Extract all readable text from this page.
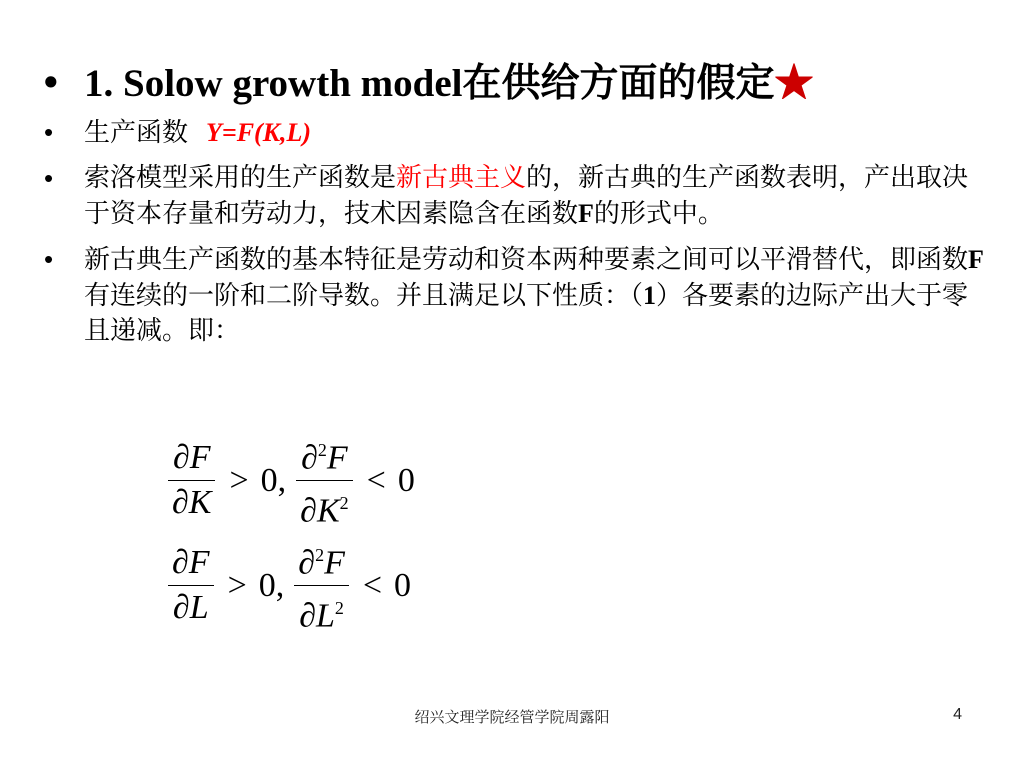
• 1. Solow growth model在供给方面的假定★
• 生产函数 Y=F(K,L)
• 索洛模型采用的生产函数是新古典主义的，新古典的生产函数表明，产出取决于资本存量和劳动力，技术因素隐含在函数F的形式中。
• 新古典生产函数的基本特征是劳动和资本两种要素之间可以平滑替代，即函数F有连续的一阶和二阶导数。并且满足以下性质：（1）各要素的边际产出大于零且递减。即：
$\frac{\partial F}{\partial K} > 0$, $\frac{\partial^2F}{\partial K^2} < 0$
$\frac{\partial F}{\partial L} > 0$, $\frac{\partial^2F}{\partial L^2} < 0$
绍兴文理学院经管学院周露阳	4
